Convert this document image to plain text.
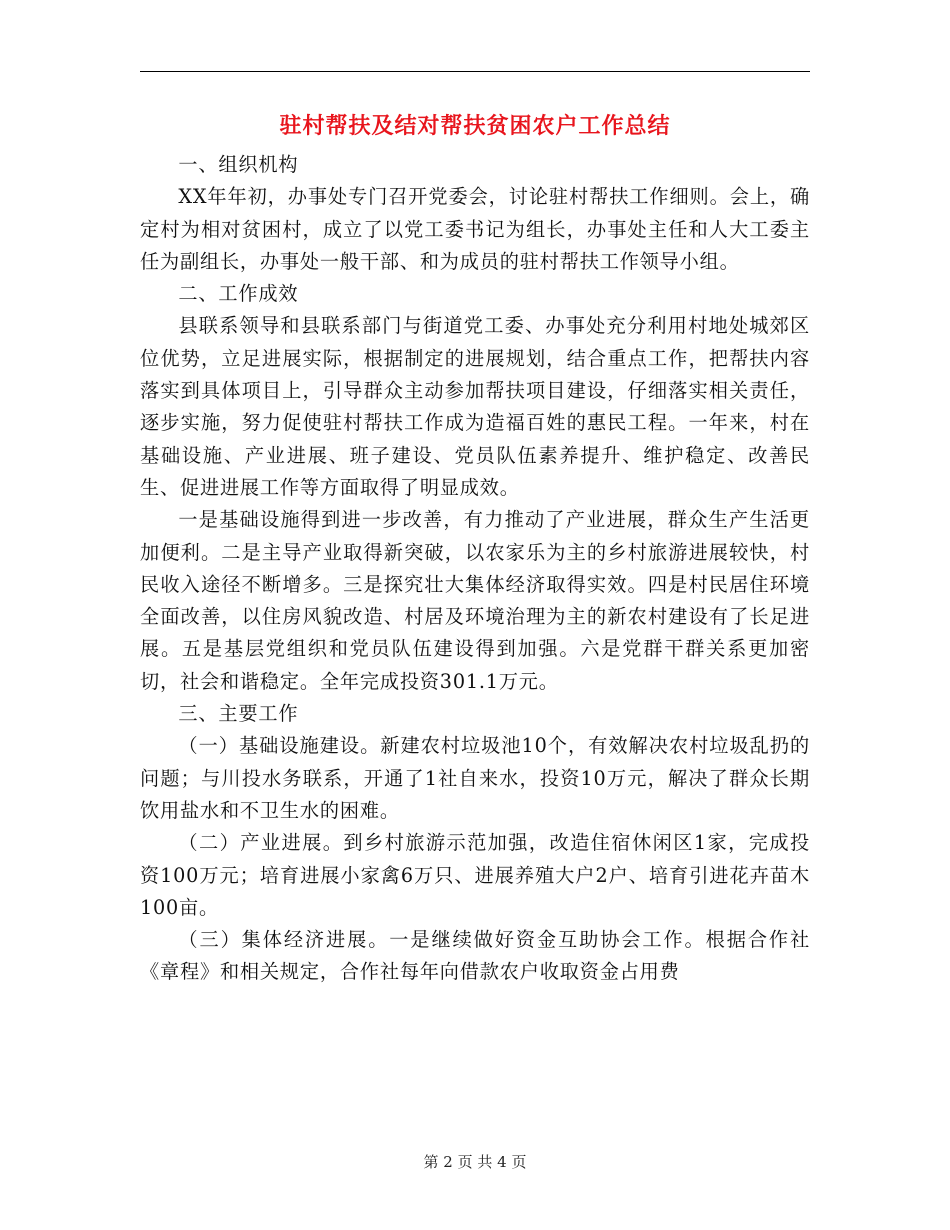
驻村帮扶及结对帮扶贫困农户工作总结

一、组织机构

XX年年初，办事处专门召开党委会，讨论驻村帮扶工作细则。会上，确定村为相对贫困村，成立了以党工委书记为组长，办事处主任和人大工委主任为副组长，办事处一般干部、和为成员的驻村帮扶工作领导小组。

二、工作成效

县联系领导和县联系部门与街道党工委、办事处充分利用村地处城郊区位优势，立足进展实际，根据制定的进展规划，结合重点工作，把帮扶内容落实到具体项目上，引导群众主动参加帮扶项目建设，仔细落实相关责任，逐步实施，努力促使驻村帮扶工作成为造福百姓的惠民工程。一年来，村在基础设施、产业进展、班子建设、党员队伍素养提升、维护稳定、改善民生、促进进展工作等方面取得了明显成效。

一是基础设施得到进一步改善，有力推动了产业进展，群众生产生活更加便利。二是主导产业取得新突破，以农家乐为主的乡村旅游进展较快，村民收入途径不断增多。三是探究壮大集体经济取得实效。四是村民居住环境全面改善，以住房风貌改造、村居及环境治理为主的新农村建设有了长足进展。五是基层党组织和党员队伍建设得到加强。六是党群干群关系更加密切，社会和谐稳定。全年完成投资301.1万元。

三、主要工作

（一）基础设施建设。新建农村垃圾池10个，有效解决农村垃圾乱扔的问题；与川投水务联系，开通了1社自来水，投资10万元，解决了群众长期饮用盐水和不卫生水的困难。

（二）产业进展。到乡村旅游示范加强，改造住宿休闲区1家，完成投资100万元；培育进展小家禽6万只、进展养殖大户2户、培育引进花卉苗木100亩。

（三）集体经济进展。一是继续做好资金互助协会工作。根据合作社《章程》和相关规定，合作社每年向借款农户收取资金占用费

第 2 页 共 4 页
